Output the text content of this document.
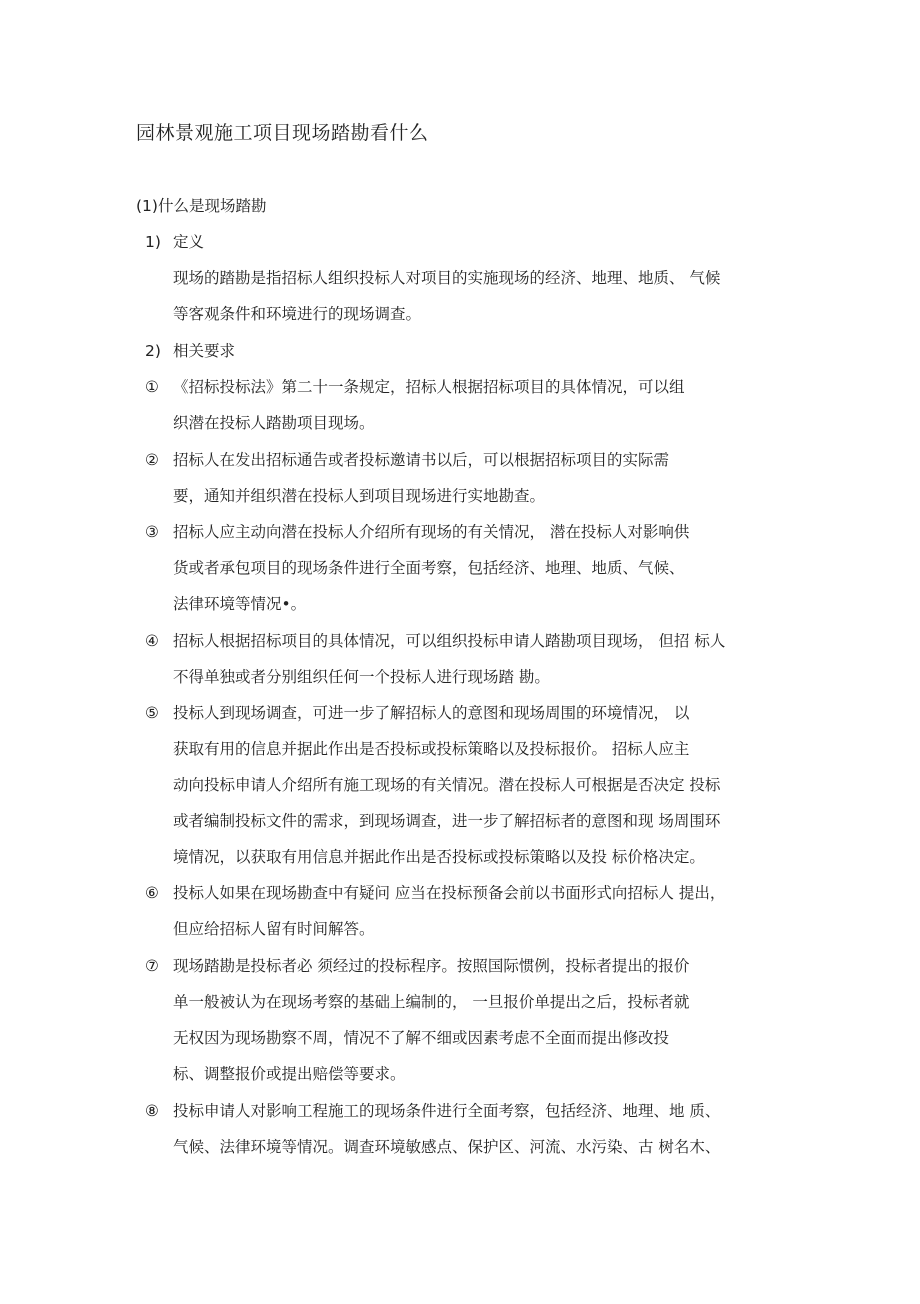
园林景观施工项目现场踏勘看什么
(1)什么是现场踏勘
1) 定义
现场的踏勘是指招标人组织投标人对项目的实施现场的经济、地理、地质、 气候
等客观条件和环境进行的现场调查。
2) 相关要求
① 《招标投标法》第二十一条规定，招标人根据招标项目的具体情况，可以组
织潜在投标人踏勘项目现场。
② 招标人在发出招标通告或者投标邀请书以后，可以根据招标项目的实际需
要，通知并组织潜在投标人到项目现场进行实地勘查。
③ 招标人应主动向潜在投标人介绍所有现场的有关情况， 潜在投标人对影响供
货或者承包项目的现场条件进行全面考察，包括经济、地理、地质、气候、
法律环境等情况•。
④ 招标人根据招标项目的具体情况，可以组织投标申请人踏勘项目现场， 但招 标人
不得单独或者分别组织任何一个投标人进行现场踏 勘。
⑤ 投标人到现场调查，可进一步了解招标人的意图和现场周围的环境情况， 以
获取有用的信息并据此作出是否投标或投标策略以及投标报价。 招标人应主
动向投标申请人介绍所有施工现场的有关情况。潜在投标人可根据是否决定 投标
或者编制投标文件的需求，到现场调查，进一步了解招标者的意图和现 场周围环
境情况，以获取有用信息并据此作出是否投标或投标策略以及投 标价格决定。
⑥ 投标人如果在现场勘查中有疑问 应当在投标预备会前以书面形式向招标人 提出，
但应给招标人留有时间解答。
⑦ 现场踏勘是投标者必 须经过的投标程序。按照国际惯例，投标者提出的报价
单一般被认为在现场考察的基础上编制的， 一旦报价单提出之后，投标者就
无权因为现场勘察不周，情况不了解不细或因素考虑不全面而提出修改投
标、调整报价或提出赔偿等要求。
⑧ 投标申请人对影响工程施工的现场条件进行全面考察，包括经济、地理、地 质、
气候、法律环境等情况。调查环境敏感点、保护区、河流、水污染、古 树名木、
